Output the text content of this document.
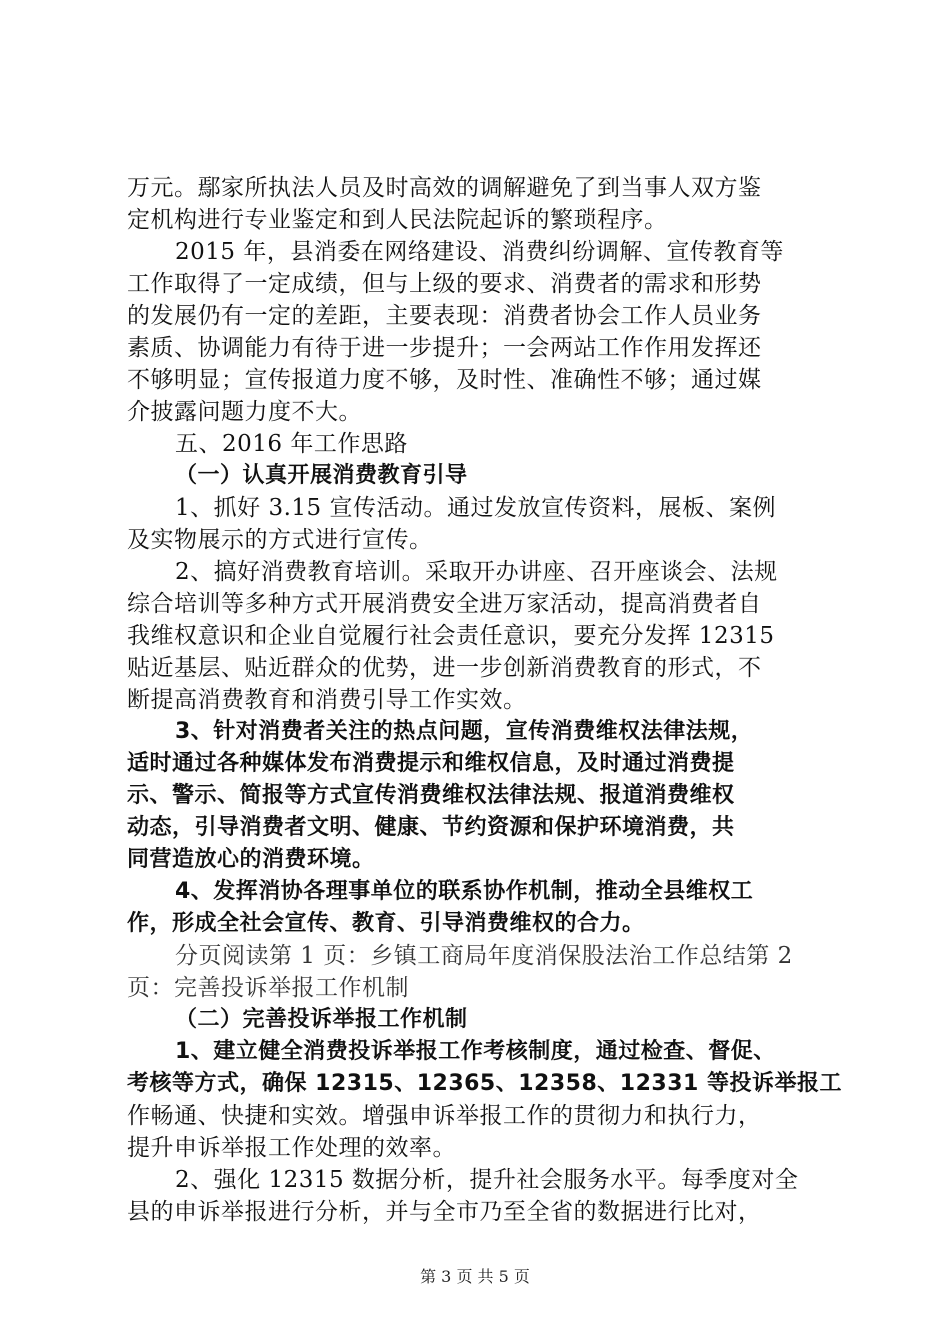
万元。鄢家所执法人员及时高效的调解避免了到当事人双方鉴
定机构进行专业鉴定和到人民法院起诉的繁琐程序。
2015 年，县消委在网络建设、消费纠纷调解、宣传教育等
工作取得了一定成绩，但与上级的要求、消费者的需求和形势
的发展仍有一定的差距，主要表现：消费者协会工作人员业务
素质、协调能力有待于进一步提升；一会两站工作作用发挥还
不够明显；宣传报道力度不够，及时性、准确性不够；通过媒
介披露问题力度不大。
五、2016 年工作思路
（一）认真开展消费教育引导
1、抓好 3.15 宣传活动。通过发放宣传资料，展板、案例
及实物展示的方式进行宣传。
2、搞好消费教育培训。采取开办讲座、召开座谈会、法规
综合培训等多种方式开展消费安全进万家活动，提高消费者自
我维权意识和企业自觉履行社会责任意识，要充分发挥 12315
贴近基层、贴近群众的优势，进一步创新消费教育的形式，不
断提高消费教育和消费引导工作实效。
3、针对消费者关注的热点问题，宣传消费维权法律法规，
适时通过各种媒体发布消费提示和维权信息，及时通过消费提
示、警示、简报等方式宣传消费维权法律法规、报道消费维权
动态，引导消费者文明、健康、节约资源和保护环境消费，共
同营造放心的消费环境。
4、发挥消协各理事单位的联系协作机制，推动全县维权工
作，形成全社会宣传、教育、引导消费维权的合力。
分页阅读第 1 页：乡镇工商局年度消保股法治工作总结第 2
页：完善投诉举报工作机制
（二）完善投诉举报工作机制
1、建立健全消费投诉举报工作考核制度，通过检查、督促、
考核等方式，确保 12315、12365、12358、12331 等投诉举报工
作畅通、快捷和实效。增强申诉举报工作的贯彻力和执行力，
提升申诉举报工作处理的效率。
2、强化 12315 数据分析，提升社会服务水平。每季度对全
县的申诉举报进行分析，并与全市乃至全省的数据进行比对，
第 3 页 共 5 页
